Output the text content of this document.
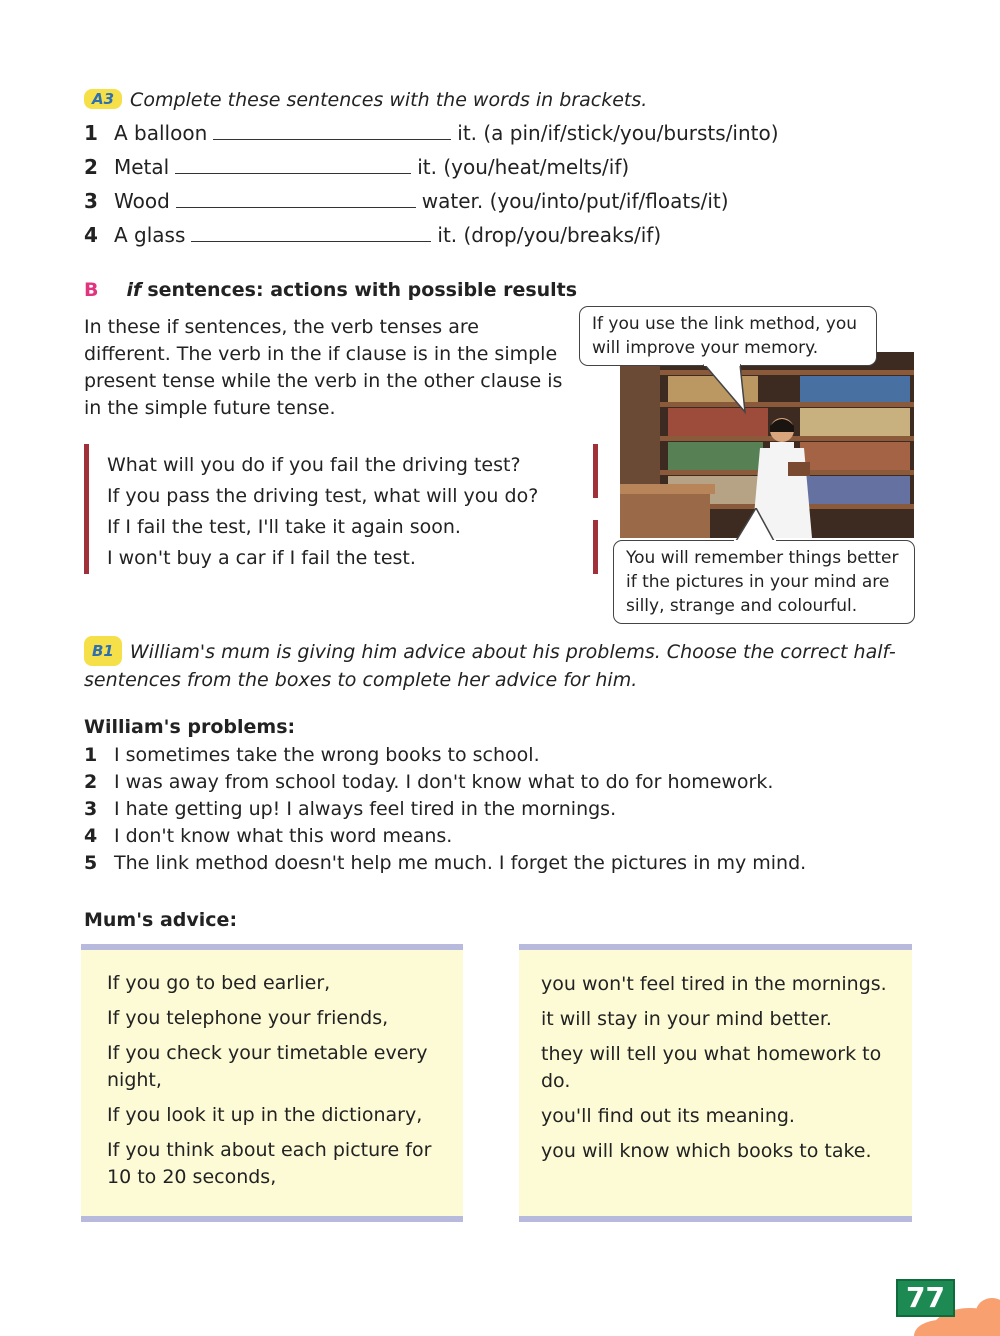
A3 Complete these sentences with the words in brackets.
1 A balloon	it. (a pin/if/stick/you/bursts/into)
2 Metal	it. (you/heat/melts/if)
3 Wood	water. (you/into/put/if/floats/it)
4 A glass	it. (drop/you/breaks/if)
B if sentences: actions with possible results
In these if sentences, the verb tenses are different. The verb in the if clause is in the simple present tense while the verb in the other clause is in the simple future tense.
What will you do if you fail the driving test?
If you pass the driving test, what will you do?
If I fail the test, I'll take it again soon.
I won't buy a car if I fail the test.
If you use the link method, you will improve your memory.
You will remember things better if the pictures in your mind are silly, strange and colourful.
B1 William's mum is giving him advice about his problems. Choose the correct half-sentences from the boxes to complete her advice for him.
William's problems:
1 I sometimes take the wrong books to school.
2 I was away from school today. I don't know what to do for homework.
3 I hate getting up! I always feel tired in the mornings.
4 I don't know what this word means.
5 The link method doesn't help me much. I forget the pictures in my mind.
Mum's advice:
If you go to bed earlier,
If you telephone your friends,
If you check your timetable every night,
If you look it up in the dictionary,
If you think about each picture for 10 to 20 seconds,
you won't feel tired in the mornings.
it will stay in your mind better.
they will tell you what homework to do.
you'll find out its meaning.
you will know which books to take.
77
